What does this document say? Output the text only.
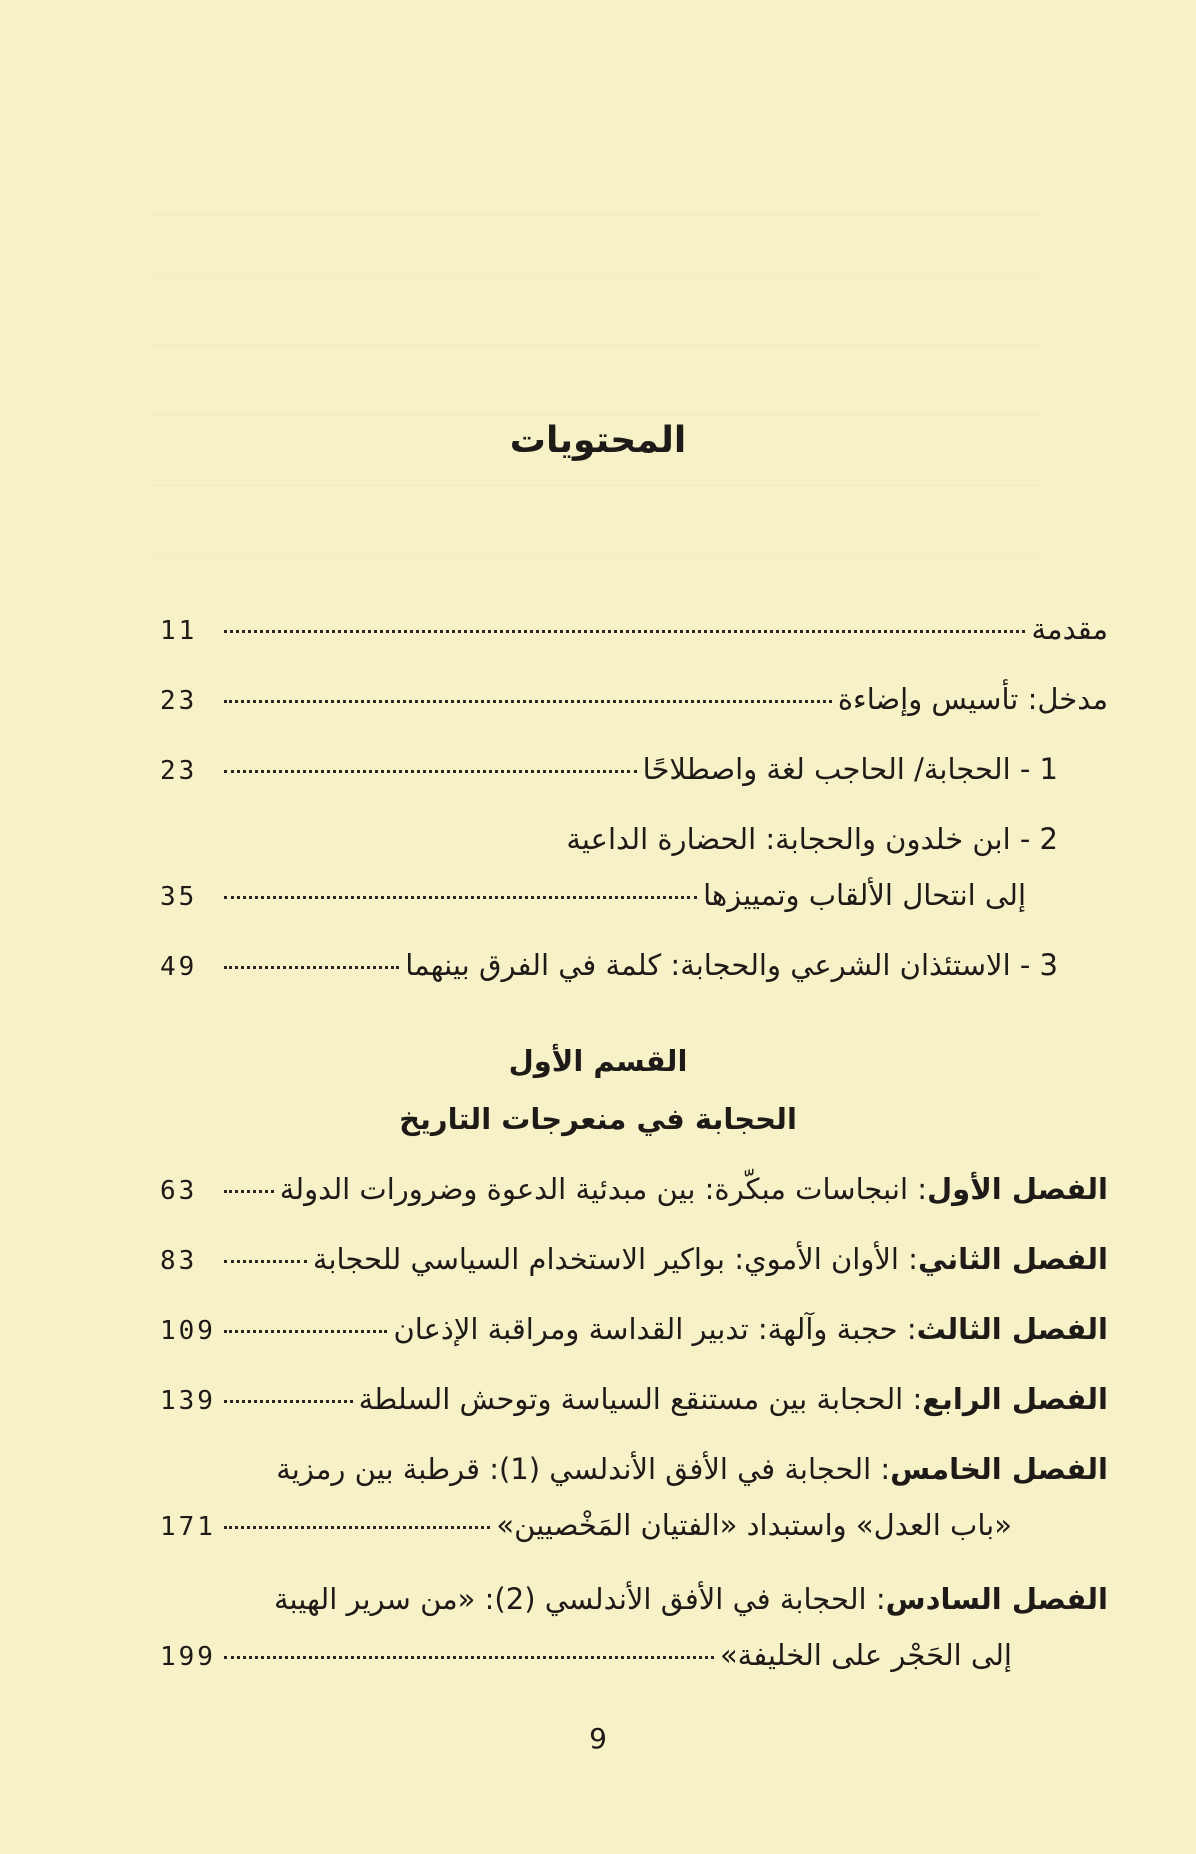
المحتويات
مقدمة
11
مدخل: تأسيس وإضاءة
23
1 - الحجابة/ الحاجب لغة واصطلاحًا
23
2 - ابن خلدون والحجابة: الحضارة الداعية
إلى انتحال الألقاب وتمييزها
35
3 - الاستئذان الشرعي والحجابة: كلمة في الفرق بينهما
49
القسم الأول
الحجابة في منعرجات التاريخ
الفصل الأول: انبجاسات مبكّرة: بين مبدئية الدعوة وضرورات الدولة
63
الفصل الثاني: الأوان الأموي: بواكير الاستخدام السياسي للحجابة
83
الفصل الثالث: حجبة وآلهة: تدبير القداسة ومراقبة الإذعان
109
الفصل الرابع: الحجابة بين مستنقع السياسة وتوحش السلطة
139
الفصل الخامس: الحجابة في الأفق الأندلسي (1): قرطبة بين رمزية
«باب العدل» واستبداد «الفتيان المَخْصيين»
171
الفصل السادس: الحجابة في الأفق الأندلسي (2): «من سرير الهيبة
إلى الحَجْر على الخليفة»
199
9
